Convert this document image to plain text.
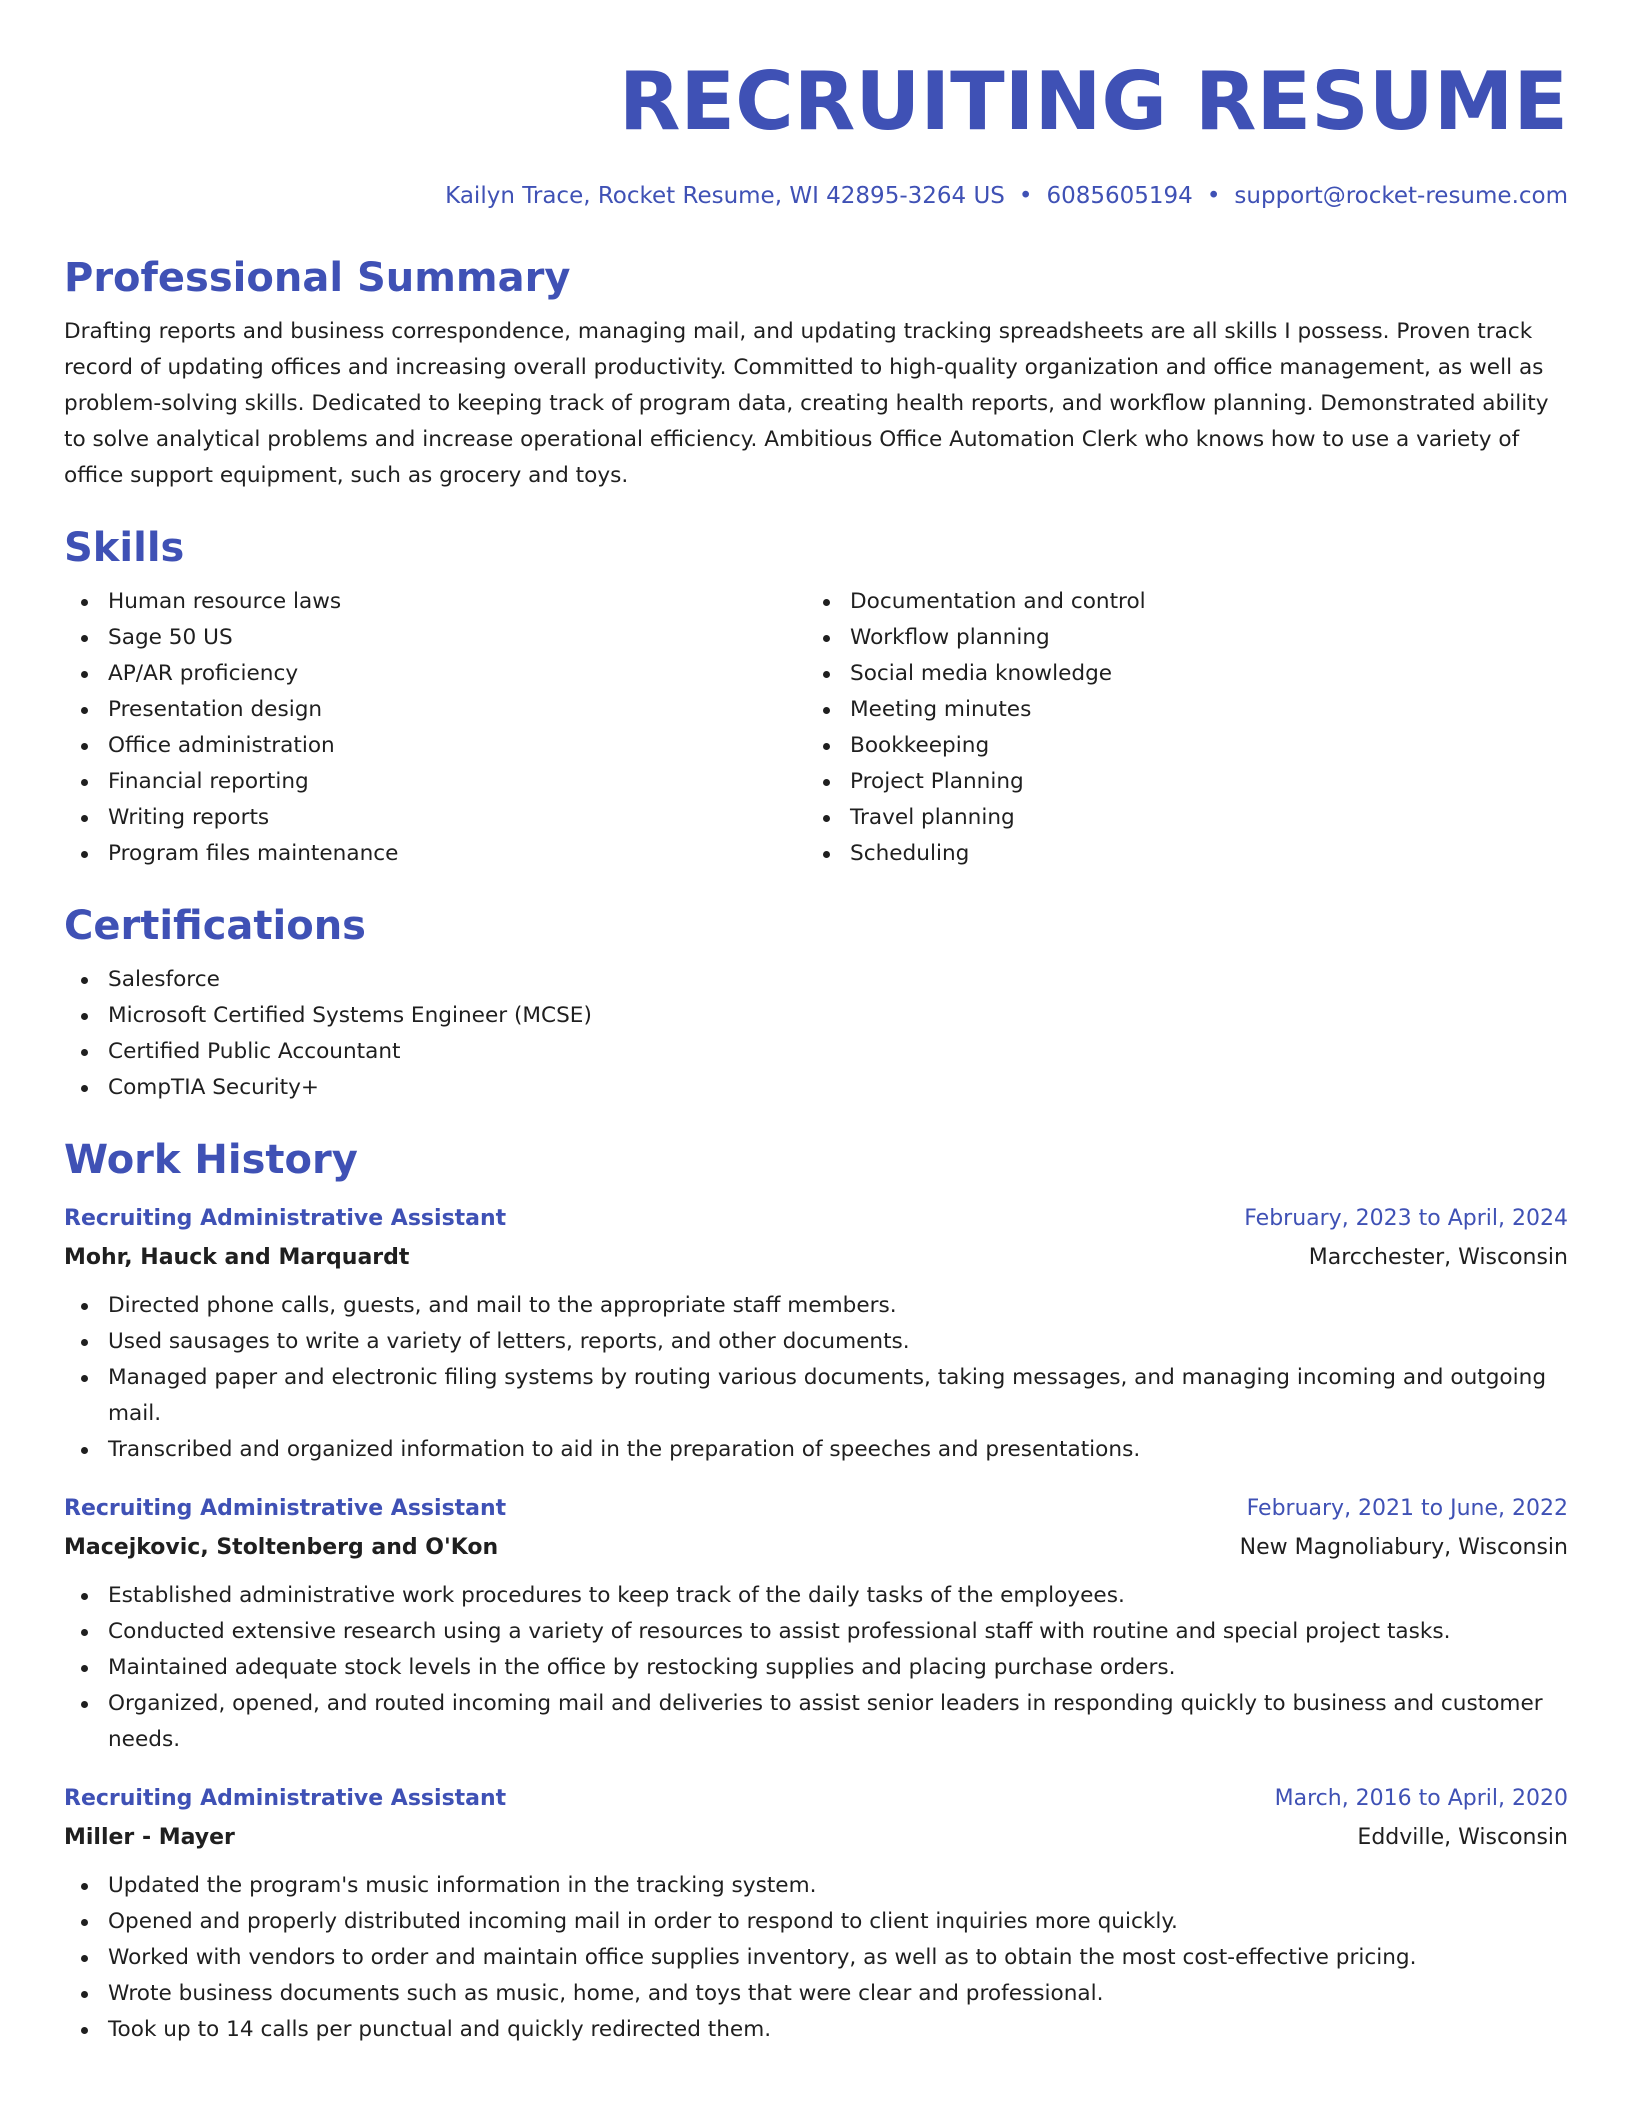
RECRUITING RESUME
Kailyn Trace, Rocket Resume, WI 42895-3264 US • 6085605194 • support@rocket-resume.com
Professional Summary

Drafting reports and business correspondence, managing mail, and updating tracking spreadsheets are all skills I possess. Proven track record of updating offices and increasing overall productivity. Committed to high-quality organization and office management, as well as problem-solving skills. Dedicated to keeping track of program data, creating health reports, and workflow planning. Demonstrated ability to solve analytical problems and increase operational efficiency. Ambitious Office Automation Clerk who knows how to use a variety of office support equipment, such as grocery and toys.

Skills
Human resource laws
Sage 50 US
AP/AR proficiency
Presentation design
Office administration
Financial reporting
Writing reports
Program files maintenance
Documentation and control
Workflow planning
Social media knowledge
Meeting minutes
Bookkeeping
Project Planning
Travel planning
Scheduling
Certifications
Salesforce
Microsoft Certified Systems Engineer (MCSE)
Certified Public Accountant
CompTIA Security+
Work History
Recruiting Administrative Assistant	February, 2023 to April, 2024
Mohr, Hauck and Marquardt	Marcchester, Wisconsin
Directed phone calls, guests, and mail to the appropriate staff members.
Used sausages to write a variety of letters, reports, and other documents.
Managed paper and electronic filing systems by routing various documents, taking messages, and managing incoming and outgoing mail.
Transcribed and organized information to aid in the preparation of speeches and presentations.
Recruiting Administrative Assistant	February, 2021 to June, 2022
Macejkovic, Stoltenberg and O'Kon	New Magnoliabury, Wisconsin
Established administrative work procedures to keep track of the daily tasks of the employees.
Conducted extensive research using a variety of resources to assist professional staff with routine and special project tasks.
Maintained adequate stock levels in the office by restocking supplies and placing purchase orders.
Organized, opened, and routed incoming mail and deliveries to assist senior leaders in responding quickly to business and customer needs.
Recruiting Administrative Assistant	March, 2016 to April, 2020
Miller - Mayer	Eddville, Wisconsin
Updated the program's music information in the tracking system.
Opened and properly distributed incoming mail in order to respond to client inquiries more quickly.
Worked with vendors to order and maintain office supplies inventory, as well as to obtain the most cost-effective pricing.
Wrote business documents such as music, home, and toys that were clear and professional.
Took up to 14 calls per punctual and quickly redirected them.
